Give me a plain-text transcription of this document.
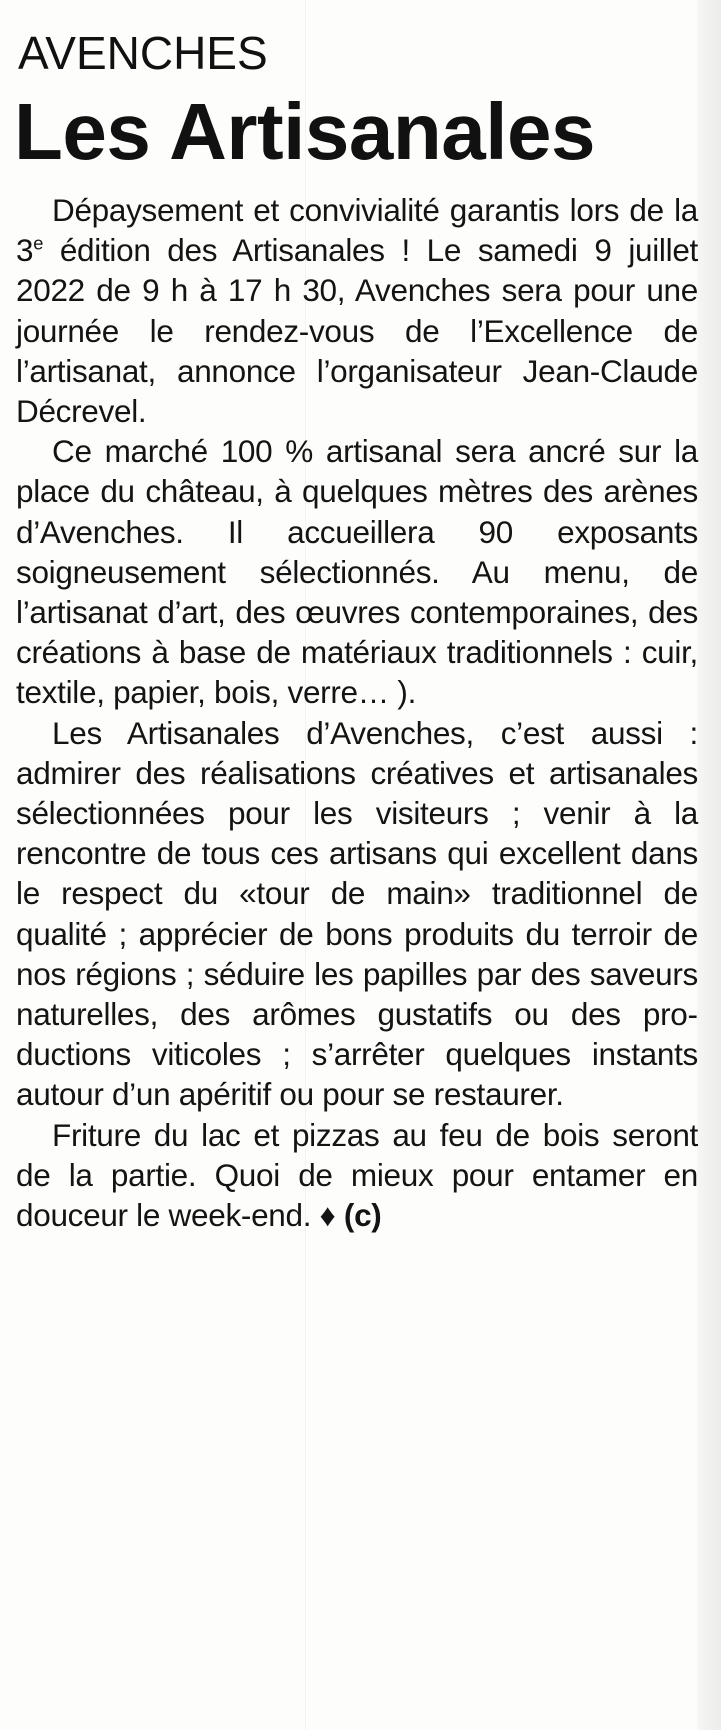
AVENCHES
Les Artisanales

Dépaysement et convivialité garantis lors de la 3e édition des Artisanales ! Le samedi 9 juillet 2022 de 9 h à 17 h 30, Avenches sera pour une journée le rendez-vous de l’Excellence de l’artisanat, annonce l’organisateur Jean-Claude Décrevel.

Ce marché 100 % artisanal sera ancré sur la place du château, à quelques mètres des arènes d’Avenches. Il accueillera 90 exposants soigneusement sélectionnés. Au menu, de l’artisanat d’art, des œuvres contemporaines, des créations à base de matériaux traditionnels : cuir, textile, papier, bois, verre… ).

Les Artisanales d’Avenches, c’est aussi : admirer des réalisations créatives et artisanales sélectionnées pour les visiteurs ; venir à la rencontre de tous ces artisans qui excellent dans le respect du «tour de main» traditionnel de qualité ; apprécier de bons produits du terroir de nos régions ; séduire les papilles par des saveurs naturelles, des arômes gustatifs ou des productions viticoles ; s’arrêter quelques instants autour d’un apéritif ou pour se restaurer.

Friture du lac et pizzas au feu de bois seront de la partie. Quoi de mieux pour entamer en douceur le week-end. ♦ (c)
